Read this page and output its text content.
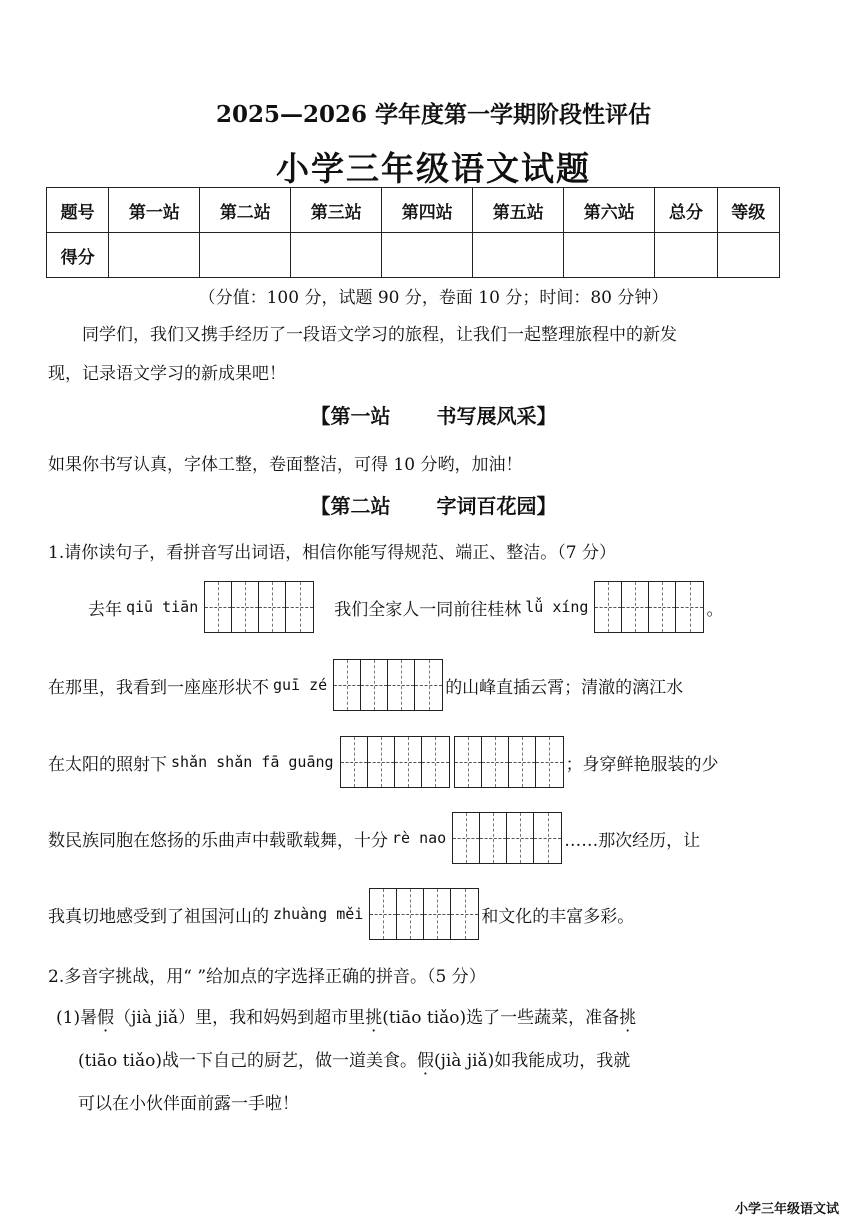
2025—2026 学年度第一学期阶段性评估
小学三年级语文试题
题号	第一站	第二站	第三站	第四站	第五站	第六站	总分	等级
得分								
（分值：100 分，试题 90 分，卷面 10 分；时间：80 分钟）
同学们，我们又携手经历了一段语文学习的旅程，让我们一起整理旅程中的新发
现，记录语文学习的新成果吧！
【第一站 书写展风采】
如果你书写认真，字体工整，卷面整洁，可得 10 分哟，加油！
【第二站 字词百花园】
1.请你读句子，看拼音写出词语，相信你能写得规范、端正、整洁。（7 分）
去年 qiū tiān	我们全家人一同前往桂林 lǚ xíng	。
在那里，我看到一座座形状不 guī zé	的山峰直插云霄；清澈的漓江水
在太阳的照射下 shǎn shǎn fā guāng	；身穿鲜艳服装的少
数民族同胞在悠扬的乐曲声中载歌载舞，十分 rè nao	……那次经历，让
我真切地感受到了祖国河山的 zhuàng měi	和文化的丰富多彩。
2.多音字挑战，用“ ”给加点的字选择正确的拼音。（5 分）
(1)暑假（jià jiǎ）里，我和妈妈到超市里挑(tiāo tiǎo)选了一些蔬菜，准备挑
(tiāo tiǎo)战一下自己的厨艺，做一道美食。假(jià jiǎ)如我能成功，我就
可以在小伙伴面前露一手啦！
小学三年级语文试
